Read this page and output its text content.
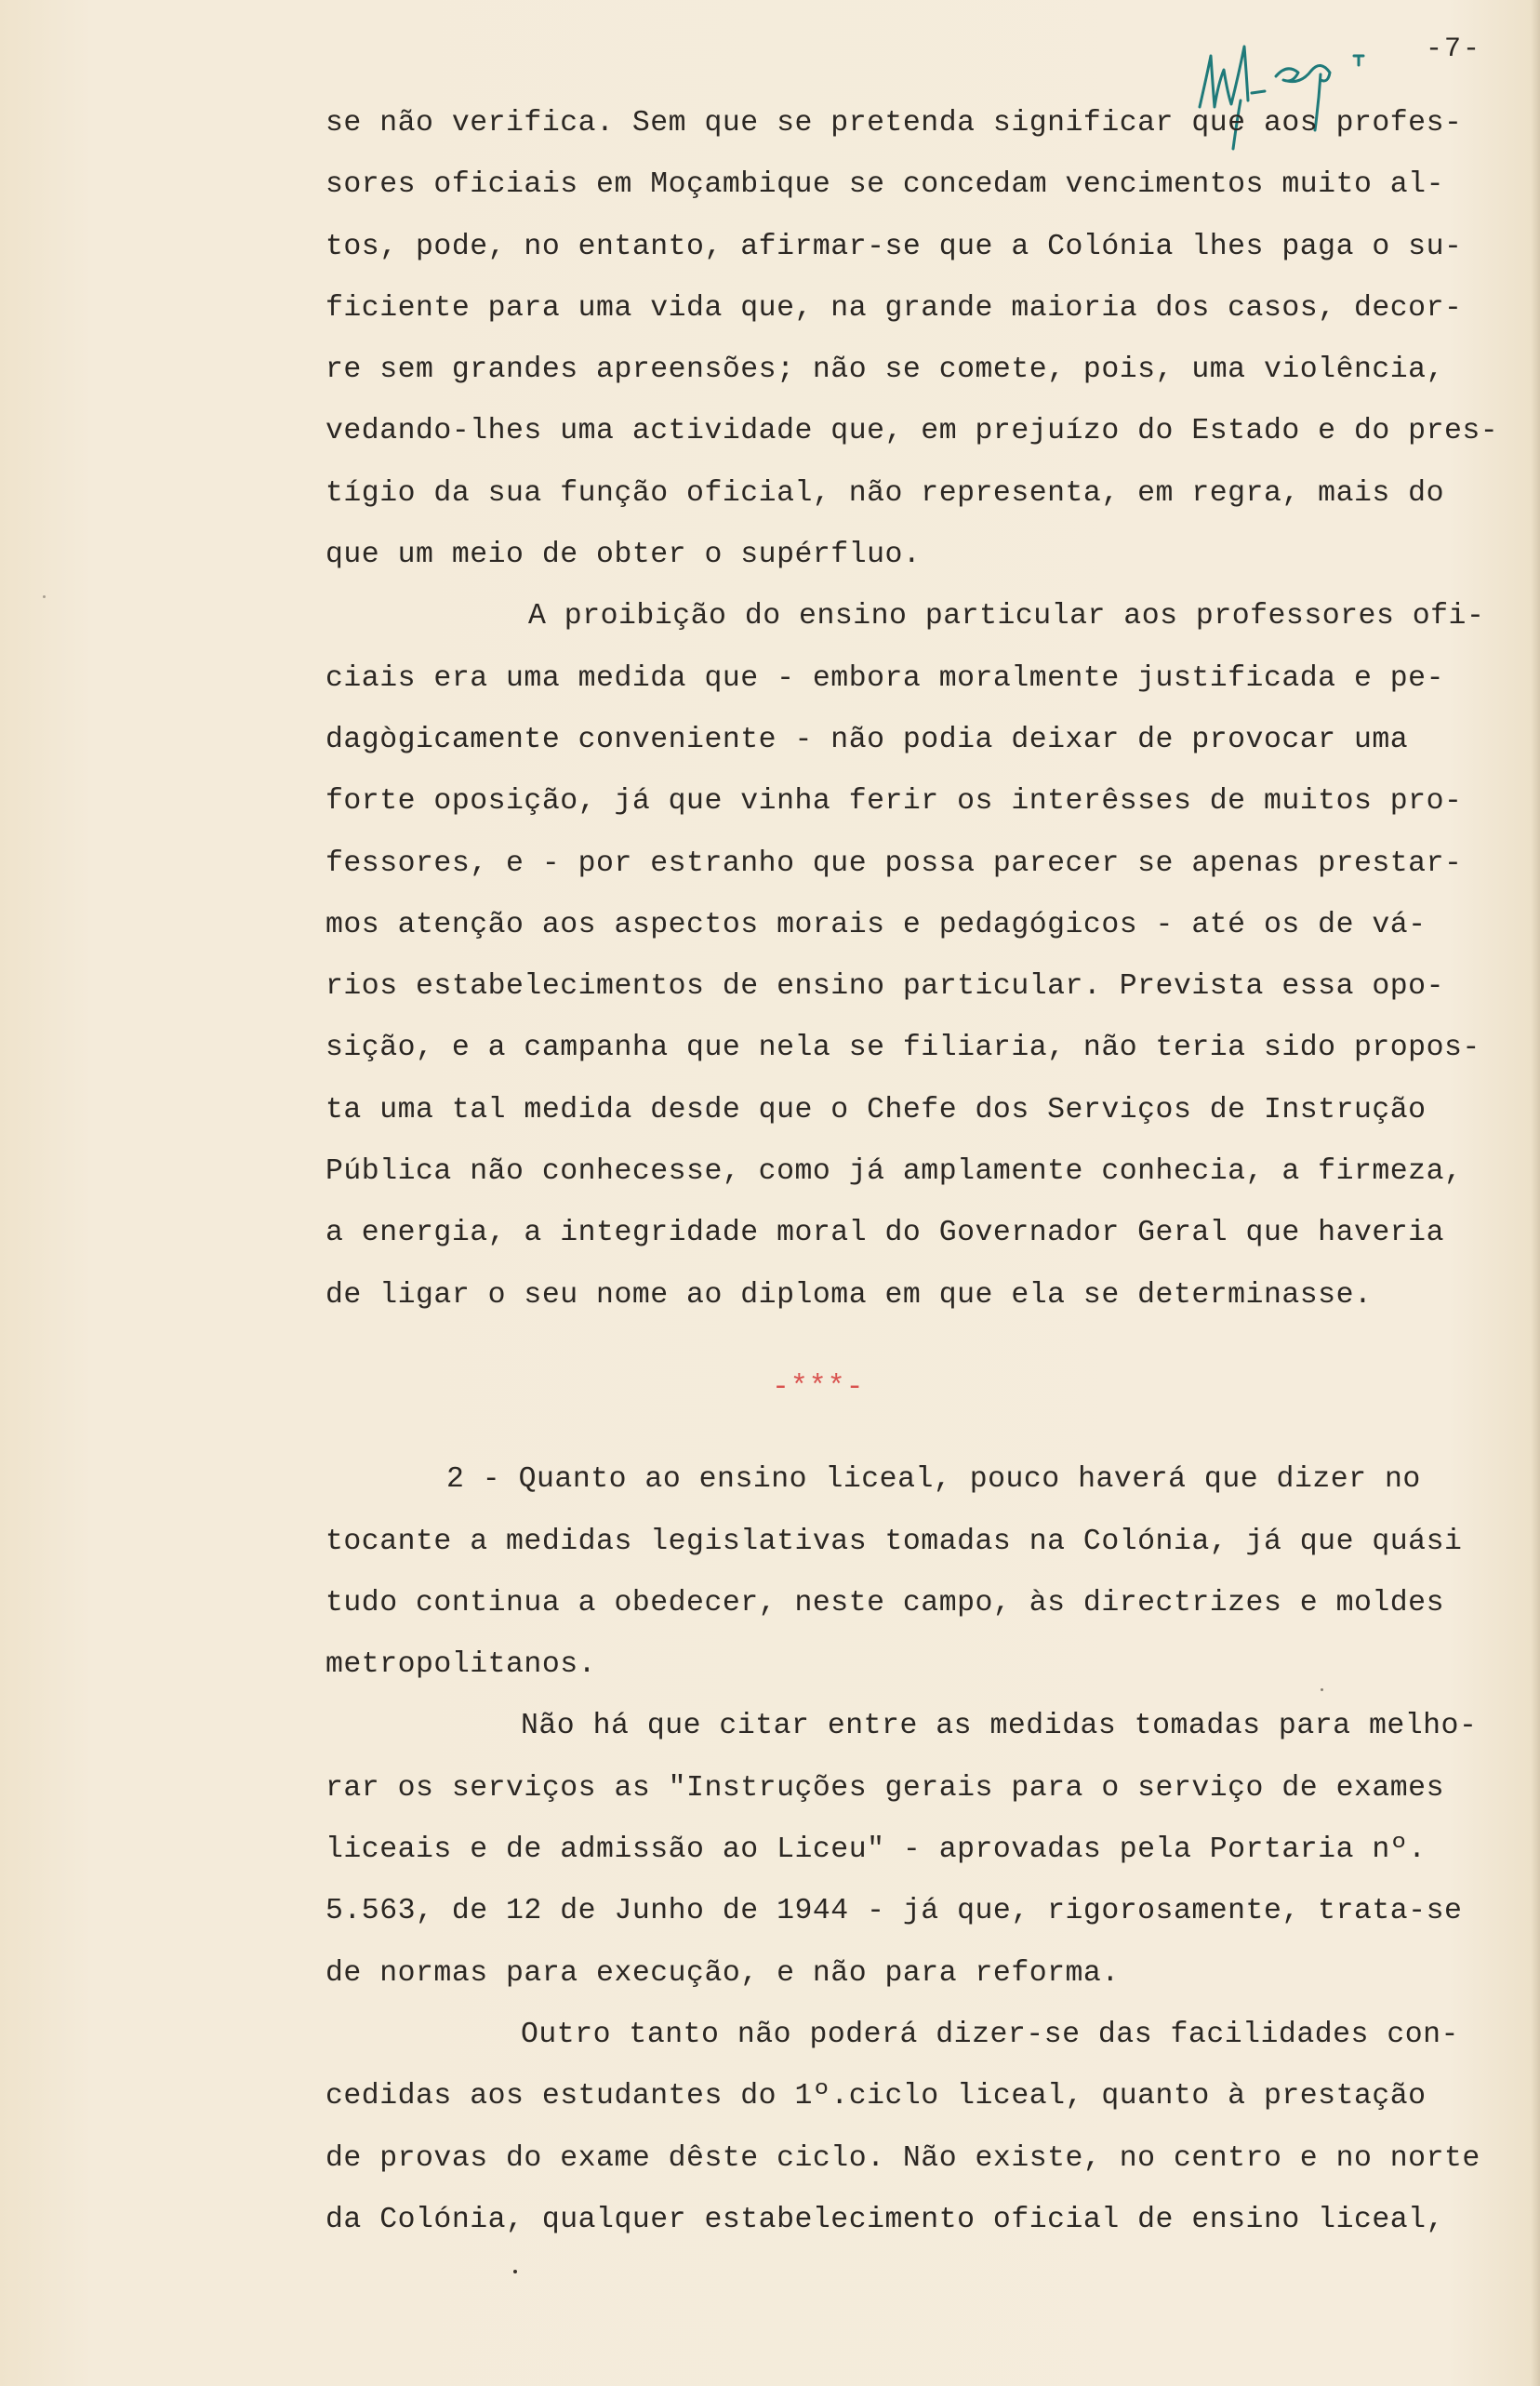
-7-
se não verifica. Sem que se pretenda significar que aos profes-
sores oficiais em Moçambique se concedam vencimentos muito al-
tos, pode, no entanto, afirmar-se que a Colónia lhes paga o su-
ficiente para uma vida que, na grande maioria dos casos, decor-
re sem grandes apreensões; não se comete, pois, uma violência,
vedando-lhes uma actividade que, em prejuízo do Estado e do pres-
tígio da sua função oficial, não representa, em regra, mais do
que um meio de obter o supérfluo.
A proibição do ensino particular aos professores ofi-
ciais era uma medida que - embora moralmente justificada e pe-
dagògicamente conveniente - não podia deixar de provocar uma
forte oposição, já que vinha ferir os interêsses de muitos pro-
fessores, e - por estranho que possa parecer se apenas prestar-
mos atenção aos aspectos morais e pedagógicos - até os de vá-
rios estabelecimentos de ensino particular. Prevista essa opo-
sição, e a campanha que nela se filiaria, não teria sido propos-
ta uma tal medida desde que o Chefe dos Serviços de Instrução
Pública não conhecesse, como já amplamente conhecia, a firmeza,
a energia, a integridade moral do Governador Geral que haveria
de ligar o seu nome ao diploma em que ela se determinasse.
-***-
2 - Quanto ao ensino liceal, pouco haverá que dizer no
tocante a medidas legislativas tomadas na Colónia, já que quási
tudo continua a obedecer, neste campo, às directrizes e moldes
metropolitanos.
Não há que citar entre as medidas tomadas para melho-
rar os serviços as "Instruções gerais para o serviço de exames
liceais e de admissão ao Liceu" - aprovadas pela Portaria nº.
5.563, de 12 de Junho de 1944 - já que, rigorosamente, trata-se
de normas para execução, e não para reforma.
Outro tanto não poderá dizer-se das facilidades con-
cedidas aos estudantes do 1º.ciclo liceal, quanto à prestação
de provas do exame dêste ciclo. Não existe, no centro e no norte
da Colónia, qualquer estabelecimento oficial de ensino liceal,
